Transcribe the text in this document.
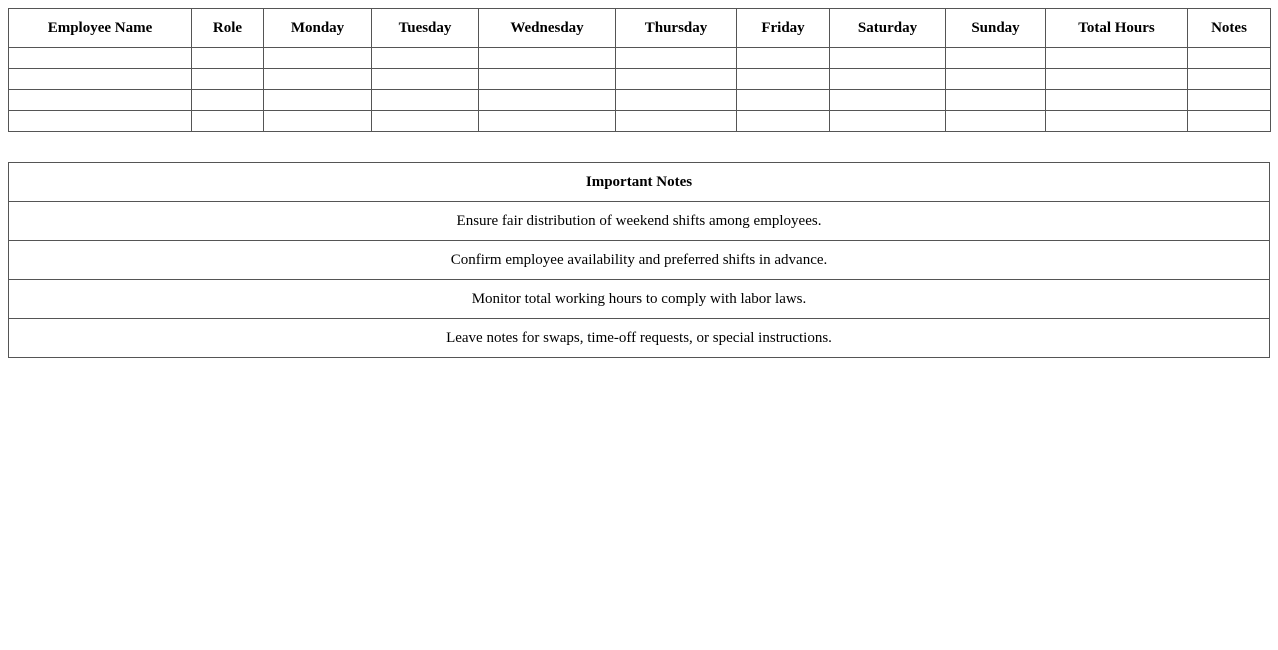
Employee Name	Role	Monday	Tuesday	Wednesday	Thursday	Friday	Saturday	Sunday	Total Hours	Notes

Important Notes
Ensure fair distribution of weekend shifts among employees.
Confirm employee availability and preferred shifts in advance.
Monitor total working hours to comply with labor laws.
Leave notes for swaps, time-off requests, or special instructions.
